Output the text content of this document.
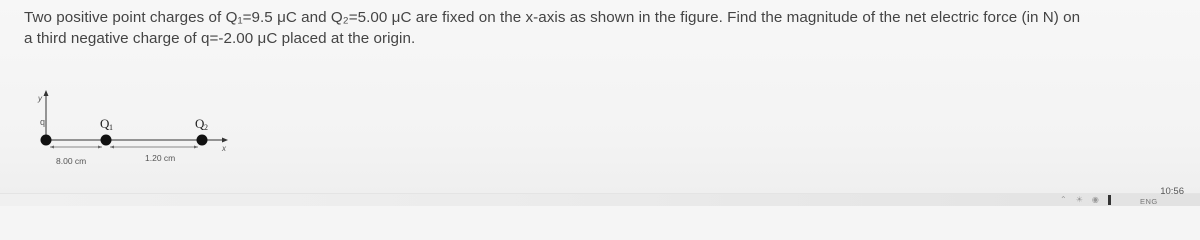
Two positive point charges of Q₁=9.5 μC and Q₂=5.00 μC are fixed on the x-axis as shown in the figure. Find the magnitude of the net electric force (in N) on
a third negative charge of q=-2.00 μC placed at the origin.
y
x
q	Q 1	Q 2
8.00 cm	1.20 cm
⌃ ☀ ◉	ENG
10:56
